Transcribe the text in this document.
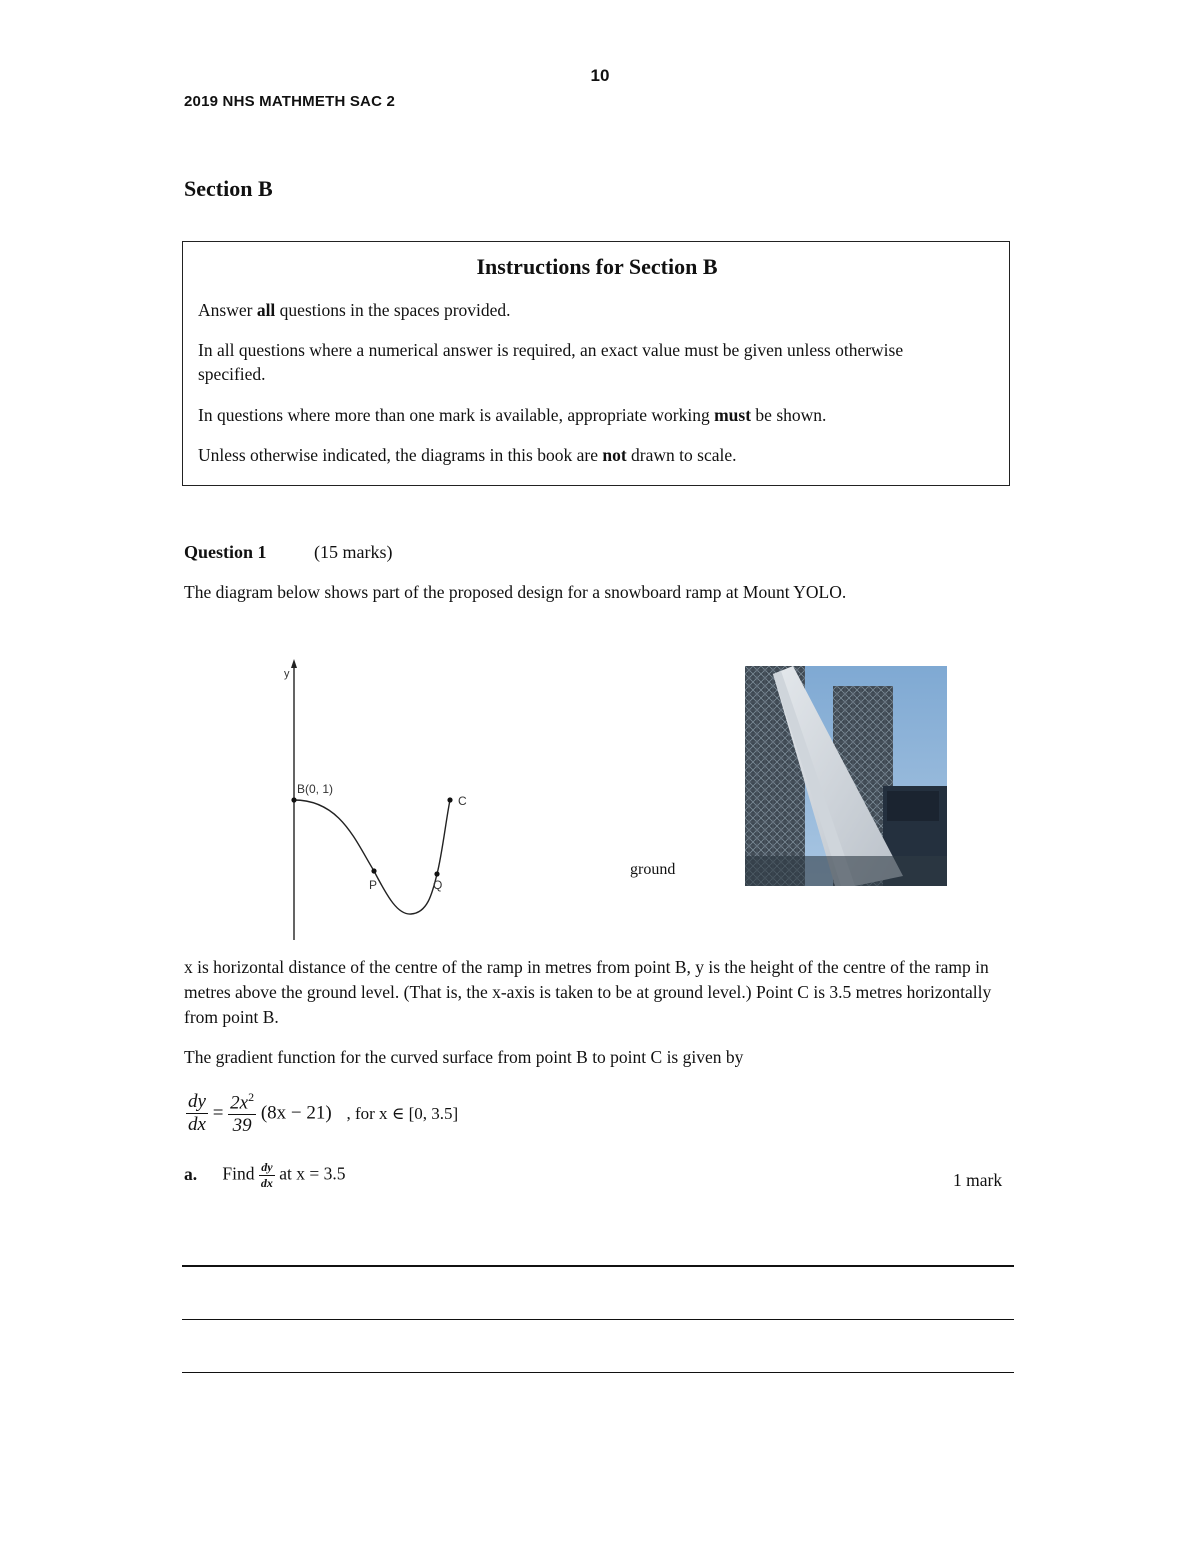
10
2019 NHS MATHMETH SAC 2
Section B
Instructions for Section B
Answer all questions in the spaces provided.
In all questions where a numerical answer is required, an exact value must be given unless otherwise specified.
In questions where more than one mark is available, appropriate working must be shown.
Unless otherwise indicated, the diagrams in this book are not drawn to scale.
Question 1	(15 marks)
The diagram below shows part of the proposed design for a snowboard ramp at Mount YOLO.
y
B(0, 1)
C
P	Q
ground
x is horizontal distance of the centre of the ramp in metres from point B, y is the height of the centre of the ramp in metres above the ground level. (That is, the x-axis is taken to be at ground level.) Point C is 3.5 metres horizontally from point B.
The gradient function for the curved surface from point B to point C is given by
$\frac{dy}{dx} = \frac{2x^2}{39} (8x - 21)$ , for x ∈ [0, 3.5]
a. Find $\frac{dy}{dx}$ at x = 3.5	1 mark
